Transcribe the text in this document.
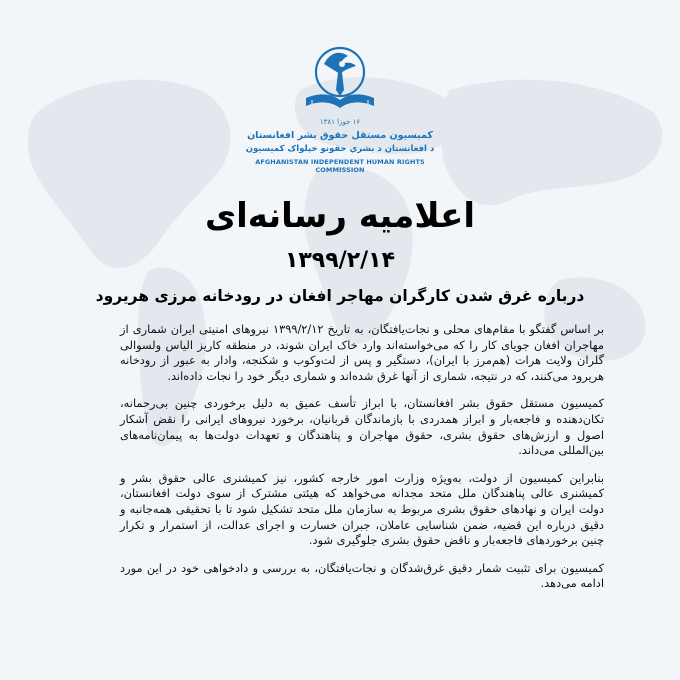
۱۶ جوزا ۱۳۸۱
کمیسیون مستقل حقوق بشر افغانستان
د افغانستان د بشري حقونو خپلواک کمیسیون
AFGHANISTAN INDEPENDENT HUMAN RIGHTS COMMISSION
اعلامیه رسانه‌ای
۱۳۹۹/۲/۱۴
درباره غرق شدن کارگران مهاجر افغان در رودخانه مرزی هریرود

بر اساس گفتگو با مقام‌های محلی و نجات‌یافتگان، به تاریخ ۱۳۹۹/۲/۱۲ نیروهای امنیتی ایران شماری از مهاجران افغان جویای کار را که می‌خواسته‌اند وارد خاک ایران شوند، در منطقه کاریز الیاس ولسوالی گلران ولایت هرات (هم‌مرز با ایران)، دستگیر و پس از لت‌وکوب و شکنجه، وادار به عبور از رودخانه هریرود می‌کنند، که در نتیجه، شماری از آنها غرق شده‌اند و شماری دیگر خود را نجات داده‌اند.

کمیسیون مستقل حقوق بشر افغانستان، با ابراز تأسف عمیق به دلیل برخوردی چنین بی‌رحمانه، تکان‌دهنده و فاجعه‌بار و ابراز همدردی با بازماندگان قربانیان، برخورد نیروهای ایرانی را نقض آشکار اصول و ارزش‌های حقوق بشری، حقوق مهاجران و پناهندگان و تعهدات دولت‌ها به پیمان‌نامه‌های بین‌المللی می‌داند.

بنابراین کمیسیون از دولت، به‌ویژه وزارت امور خارجه کشور، نیز کمیشنری عالی حقوق بشر و کمیشنری عالی پناهندگان ملل متحد مجدانه می‌خواهد که هیئتی مشترک از سوی دولت افغانستان، دولت ایران و نهادهای حقوق بشری مربوط به سازمان ملل متحد تشکیل شود تا با تحقیقی همه‌جانبه و دقیق درباره این قضیه، ضمن شناسایی عاملان، جبران خسارت و اجرای عدالت، از استمرار و تکرار چنین برخوردهای فاجعه‌بار و ناقض حقوق بشری جلوگیری شود.

کمیسیون برای تثبیت شمار دقیق غرق‌شدگان و نجات‌یافتگان، به بررسی و دادخواهی خود در این مورد ادامه می‌دهد.
